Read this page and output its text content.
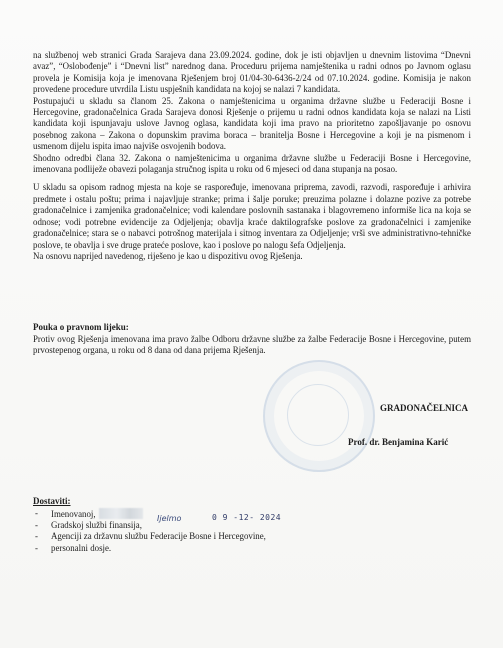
na službenoj web stranici Grada Sarajeva dana 23.09.2024. godine, dok je isti objavljen u dnevnim listovima “Dnevni avaz”, “Oslobođenje” i “Dnevni list” narednog dana. Proceduru prijema namještenika u radni odnos po Javnom oglasu provela je Komisija koja je imenovana Rješenjem broj 01/04-30-6436-2/24 od 07.10.2024. godine. Komisija je nakon provedene procedure utvrdila Listu uspješnih kandidata na kojoj se nalazi 7 kandidata.

Postupajući u skladu sa članom 25. Zakona o namještenicima u organima državne službe u Federaciji Bosne i Hercegovine, gradonačelnica Grada Sarajeva donosi Rješenje o prijemu u radni odnos kandidata koja se nalazi na Listi kandidata koji ispunjavaju uslove Javnog oglasa, kandidata koji ima pravo na prioritetno zapošljavanje po osnovu posebnog zakona – Zakona o dopunskim pravima boraca – branitelja Bosne i Hercegovine a koji je na pismenom i usmenom dijelu ispita imao najviše osvojenih bodova.

Shodno odredbi člana 32. Zakona o namještenicima u organima državne službe u Federaciji Bosne i Hercegovine, imenovana podliježe obavezi polaganja stručnog ispita u roku od 6 mjeseci od dana stupanja na posao.

U skladu sa opisom radnog mjesta na koje se raspoređuje, imenovana priprema, zavodi, razvodi, raspoređuje i arhivira predmete i ostalu poštu; prima i najavljuje stranke; prima i šalje poruke; preuzima polazne i dolazne pozive za potrebe gradonačelnice i zamjenika gradonačelnice; vodi kalendare poslovnih sastanaka i blagovremeno informiše lica na koja se odnose; vodi potrebne evidencije za Odjeljenja; obavlja kraće daktilografske poslove za gradonačelnici i zamjenike gradonačelnice; stara se o nabavci potrošnog materijala i sitnog inventara za Odjeljenje; vrši sve administrativno-tehničke poslove, te obavlja i sve druge prateće poslove, kao i poslove po nalogu šefa Odjeljenja.

Na osnovu naprijed navedenog, riješeno je kao u dispozitivu ovog Rješenja.

Pouka o pravnom lijeku:
Protiv ovog Rješenja imenovana ima pravo žalbe Odboru državne službe za žalbe Federacije Bosne i Hercegovine, putem prvostepenog organa, u roku od 8 dana od dana prijema Rješenja.
GRADONAČELNICA
Prof. dr. Benjamina Karić
Dostaviti:
- Imenovanoj,
- Gradskoj službi finansija,
- Agenciji za državnu službu Federacije Bosne i Hercegovine,
- personalni dosje.
Ijelmo	0 9 -12- 2024
